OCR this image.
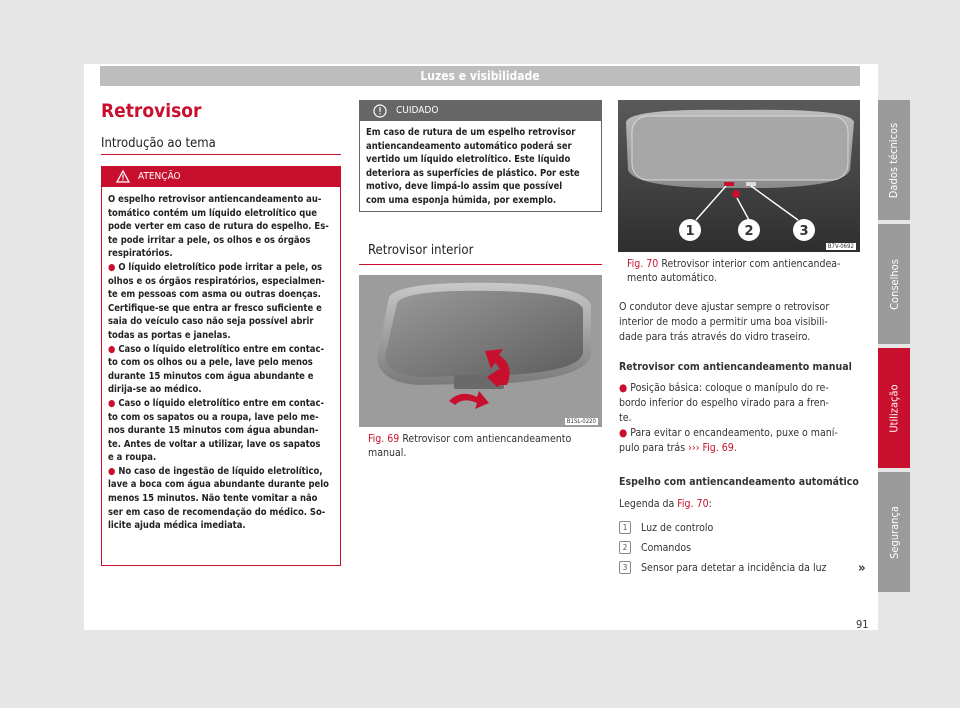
Luzes e visibilidade
Dados técnicos
Conselhos
Utilização
Segurança
Retrovisor
Introdução ao tema
ATENÇÃO

O espelho retrovisor antiencandeamento au-
tomático contém um líquido eletrolítico que
pode verter em caso de rutura do espelho. Es-
te pode irritar a pele, os olhos e os órgãos
respiratórios.

● O líquido eletrolítico pode irritar a pele, os
olhos e os órgãos respiratórios, especialmen-
te em pessoas com asma ou outras doenças.
Certifique-se que entra ar fresco suficiente e
saia do veículo caso não seja possível abrir
todas as portas e janelas.

● Caso o líquido eletrolítico entre em contac-
to com os olhos ou a pele, lave pelo menos
durante 15 minutos com água abundante e
dirija-se ao médico.

● Caso o líquido eletrolítico entre em contac-
to com os sapatos ou a roupa, lave pelo me-
nos durante 15 minutos com água abundan-
te. Antes de voltar a utilizar, lave os sapatos
e a roupa.

● No caso de ingestão de líquido eletrolítico,
lave a boca com água abundante durante pelo
menos 15 minutos. Não tente vomitar a não
ser em caso de recomendação do médico. So-
licite ajuda médica imediata.

CUIDADO
Em caso de rutura de um espelho retrovisor
antiencandeamento automático poderá ser
vertido um líquido eletrolítico. Este líquido
deteriora as superfícies de plástico. Por este
motivo, deve limpá-lo assim que possível
com uma esponja húmida, por exemplo.
Retrovisor interior
B1SL-0220
Fig. 69 Retrovisor com antiencandeamento
manual.
1	2	3
B7V-0692
Fig. 70 Retrovisor interior com antiencandea-
mento automático.
O condutor deve ajustar sempre o retrovisor
interior de modo a permitir uma boa visibili-
dade para trás através do vidro traseiro.
Retrovisor com antiencandeamento manual
● Posição básica: coloque o manípulo do re-
bordo inferior do espelho virado para a fren-
te.
● Para evitar o encandeamento, puxe o maní-
pulo para trás ››› Fig. 69.
Espelho com antiencandeamento automático
Legenda da Fig. 70:
1	Luz de controlo
2	Comandos
3	Sensor para detetar a incidência da luz »
91
